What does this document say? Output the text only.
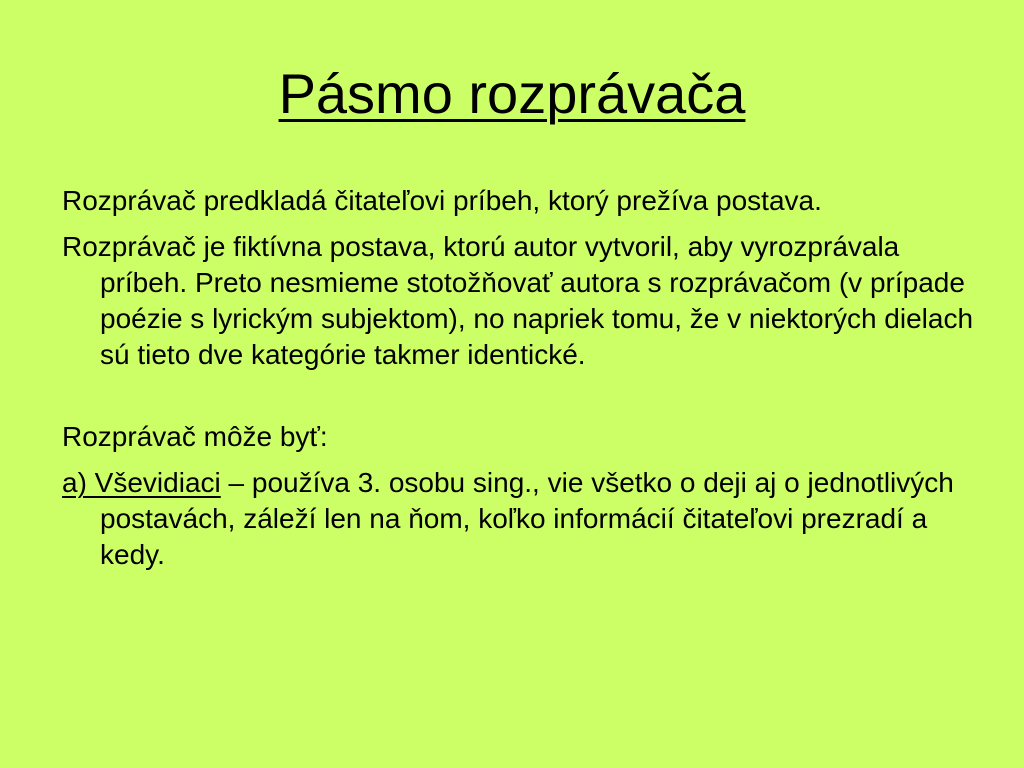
Pásmo rozprávača

Rozprávač predkladá čitateľovi príbeh, ktorý prežíva postava.

Rozprávač je fiktívna postava, ktorú autor vytvoril, aby vyrozprávala príbeh. Preto nesmieme stotožňovať autora s rozprávačom (v prípade poézie s lyrickým subjektom), no napriek tomu, že v niektorých dielach sú tieto dve kategórie takmer identické.

Rozprávač môže byť:

a) Vševidiaci – používa 3. osobu sing., vie všetko o deji aj o jednotlivých postavách, záleží len na ňom, koľko informácií čitateľovi prezradí a kedy.
